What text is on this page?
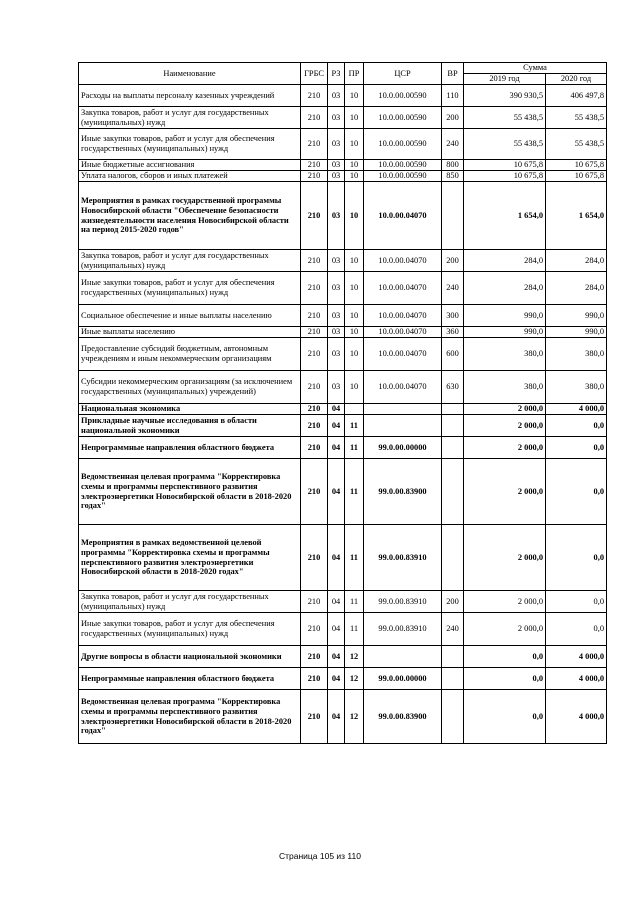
Наименование	ГРБС	РЗ	ПР	ЦСР	ВР	Сумма	
						2019 год	2020 год
Расходы на выплаты персоналу казенных учреждений	210	03	10	10.0.00.00590	110	390 930,5	406 497,8
Закупка товаров, работ и услуг для государственных (муниципальных) нужд	210	03	10	10.0.00.00590	200	55 438,5	55 438,5
Иные закупки товаров, работ и услуг для обеспечения государственных (муниципальных) нужд	210	03	10	10.0.00.00590	240	55 438,5	55 438,5
Иные бюджетные ассигнования	210	03	10	10.0.00.00590	800	10 675,8	10 675,8
Уплата налогов, сборов и иных платежей	210	03	10	10.0.00.00590	850	10 675,8	10 675,8
Мероприятия в рамках государственной программы Новосибирской области "Обеспечение безопасности жизнедеятельности населения Новосибирской области на период 2015-2020 годов"	210	03	10	10.0.00.04070		1 654,0	1 654,0
Закупка товаров, работ и услуг для государственных (муниципальных) нужд	210	03	10	10.0.00.04070	200	284,0	284,0
Иные закупки товаров, работ и услуг для обеспечения государственных (муниципальных) нужд	210	03	10	10.0.00.04070	240	284,0	284,0
Социальное обеспечение и иные выплаты населению	210	03	10	10.0.00.04070	300	990,0	990,0
Иные выплаты населению	210	03	10	10.0.00.04070	360	990,0	990,0
Предоставление субсидий бюджетным, автономным учреждениям и иным некоммерческим организациям	210	03	10	10.0.00.04070	600	380,0	380,0
Субсидии некоммерческим организациям (за исключением государственных (муниципальных) учреждений)	210	03	10	10.0.00.04070	630	380,0	380,0
Национальная экономика	210	04				2 000,0	4 000,0
Прикладные научные исследования в области национальной экономики	210	04	11			2 000,0	0,0
Непрограммные направления областного бюджета	210	04	11	99.0.00.00000		2 000,0	0,0
Ведомственная целевая программа "Корректировка схемы и программы перспективного развития электроэнергетики Новосибирской области в 2018-2020 годах"	210	04	11	99.0.00.83900		2 000,0	0,0
Мероприятия в рамках ведомственной целевой программы "Корректировка схемы и программы перспективного развития электроэнергетики Новосибирской области в 2018-2020 годах"	210	04	11	99.0.00.83910		2 000,0	0,0
Закупка товаров, работ и услуг для государственных (муниципальных) нужд	210	04	11	99.0.00.83910	200	2 000,0	0,0
Иные закупки товаров, работ и услуг для обеспечения государственных (муниципальных) нужд	210	04	11	99.0.00.83910	240	2 000,0	0,0
Другие вопросы в области национальной экономики	210	04	12			0,0	4 000,0
Непрограммные направления областного бюджета	210	04	12	99.0.00.00000		0,0	4 000,0
Ведомственная целевая программа "Корректировка схемы и программы перспективного развития электроэнергетики Новосибирской области в 2018-2020 годах"	210	04	12	99.0.00.83900		0,0	4 000,0
Страница 105 из 110
